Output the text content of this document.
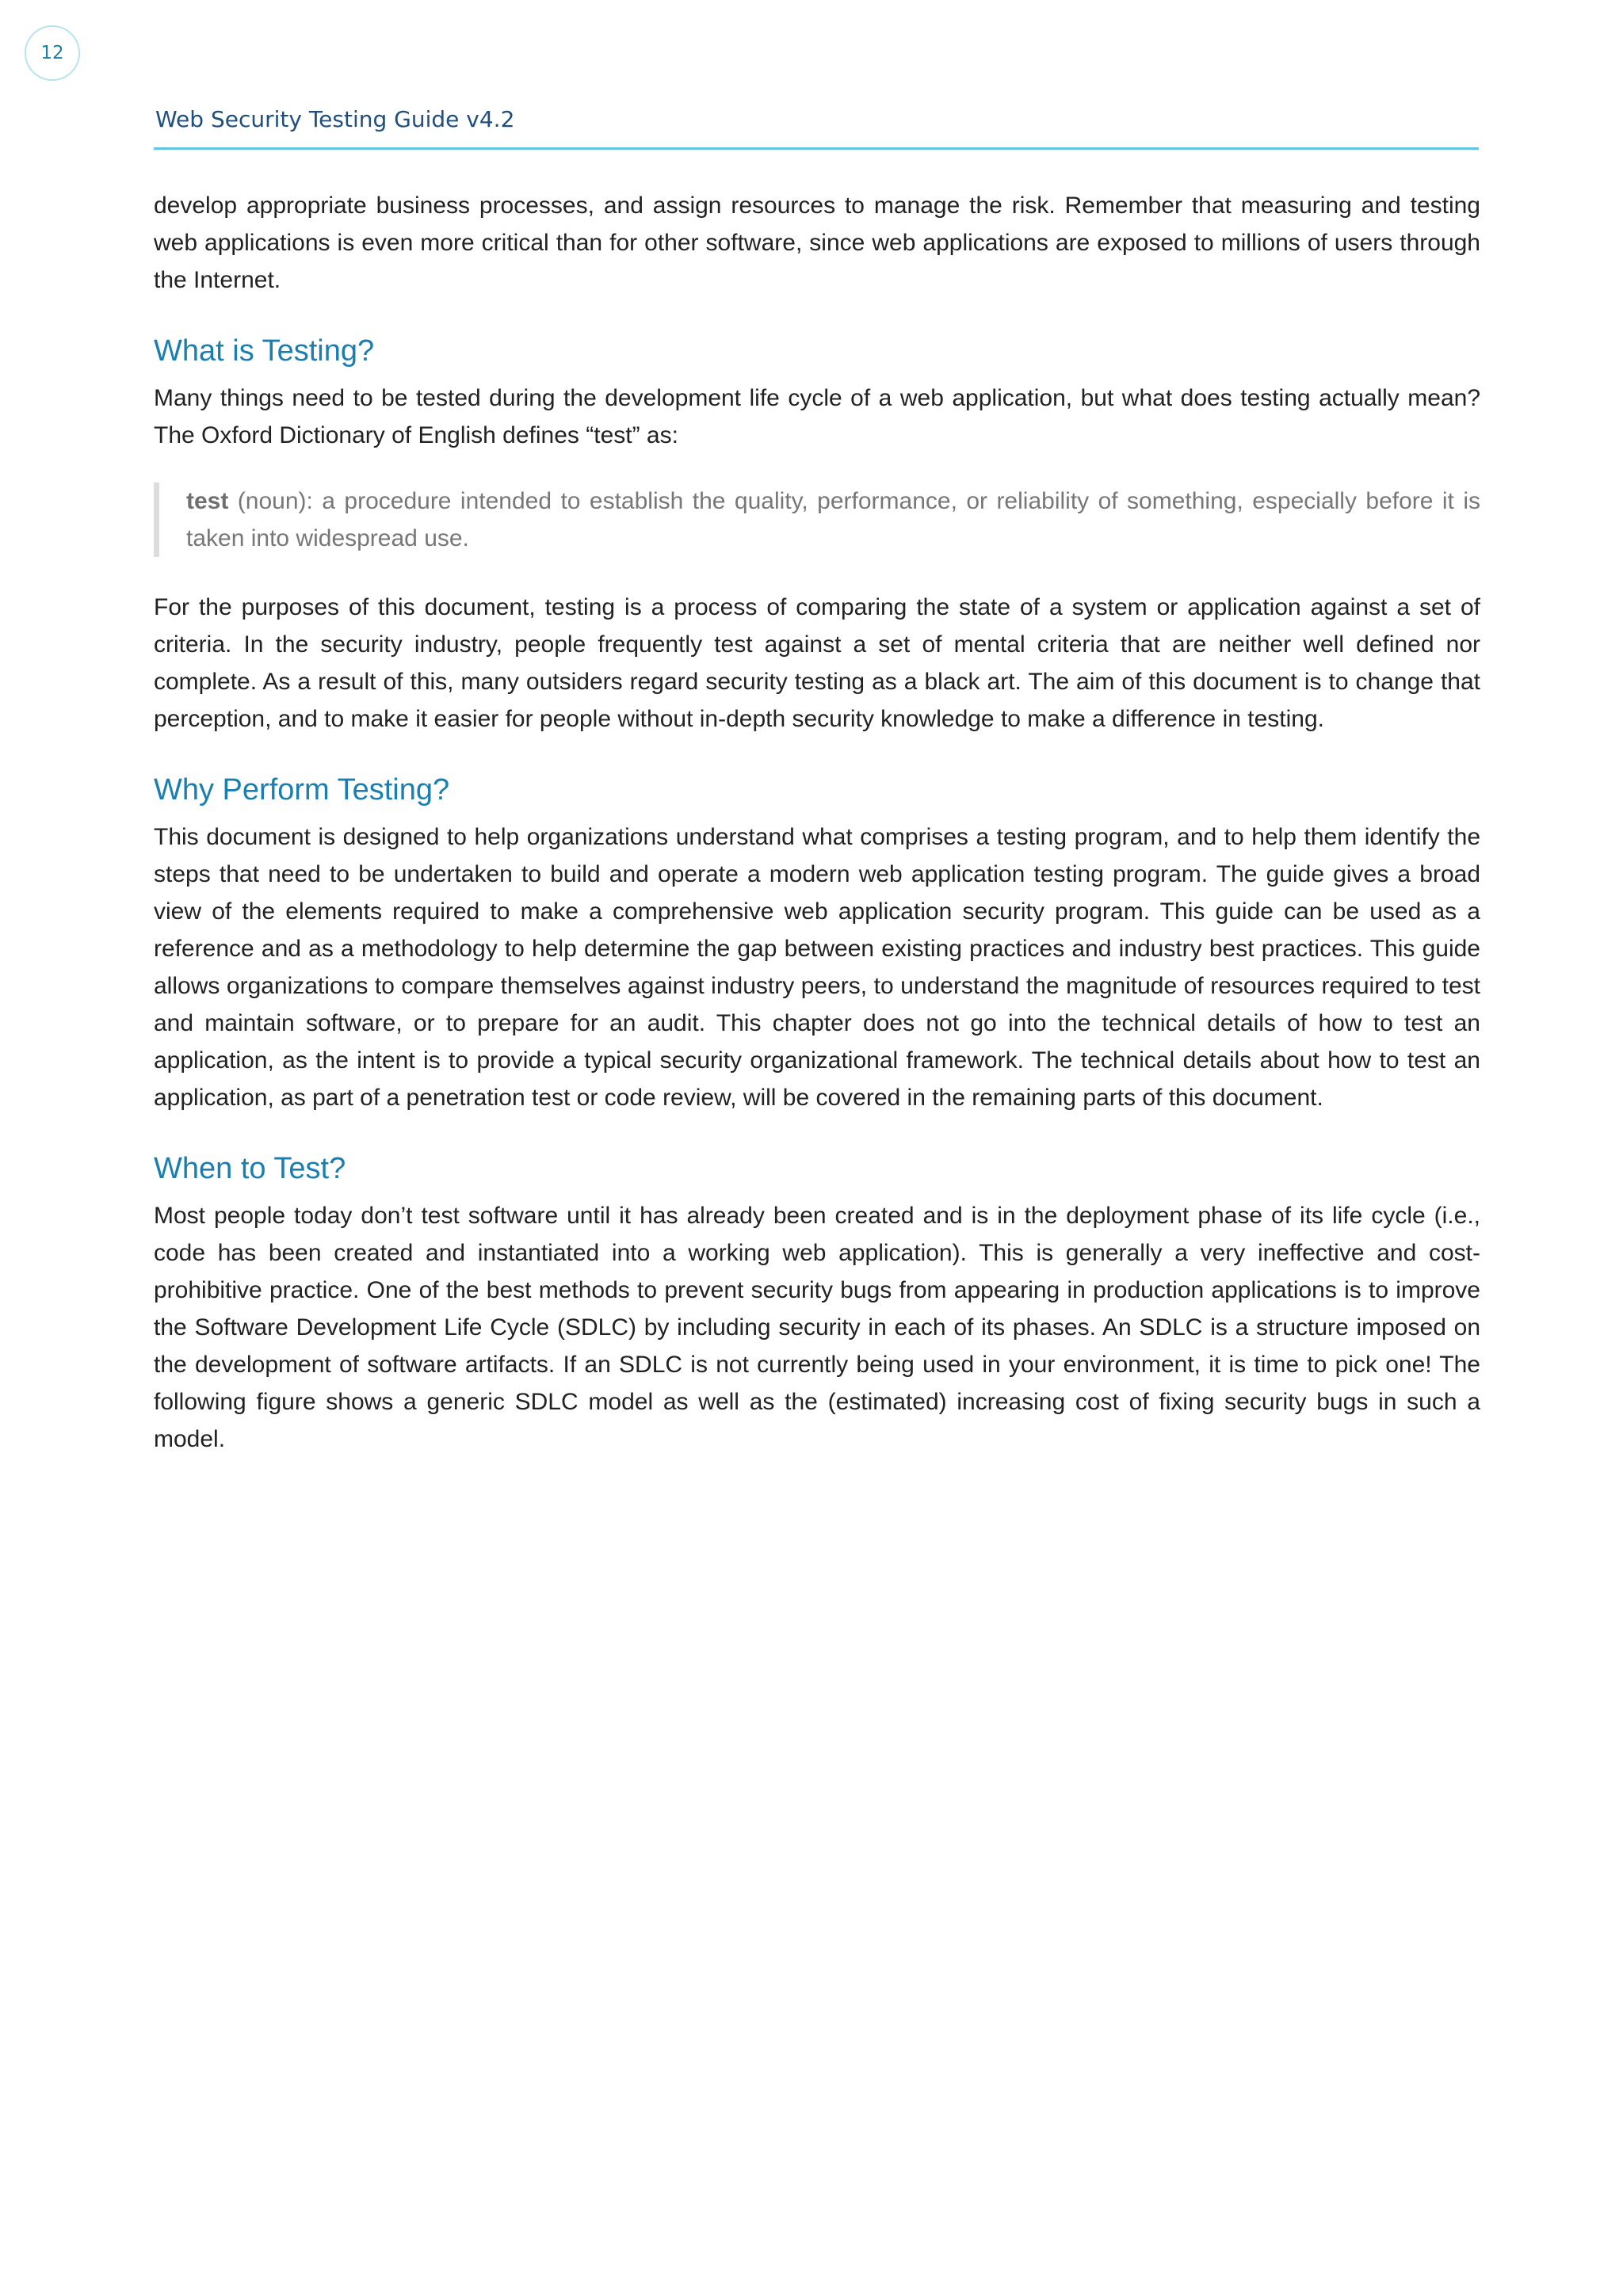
12
Web Security Testing Guide v4.2

develop appropriate business processes, and assign resources to manage the risk. Remember that measuring and testing web applications is even more critical than for other software, since web applications are exposed to millions of users through the Internet.

What is Testing?

Many things need to be tested during the development life cycle of a web application, but what does testing actually mean? The Oxford Dictionary of English defines “test” as:

test (noun): a procedure intended to establish the quality, performance, or reliability of something, especially before it is taken into widespread use.

For the purposes of this document, testing is a process of comparing the state of a system or application against a set of criteria. In the security industry, people frequently test against a set of mental criteria that are neither well defined nor complete. As a result of this, many outsiders regard security testing as a black art. The aim of this document is to change that perception, and to make it easier for people without in-depth security knowledge to make a difference in testing.

Why Perform Testing?

This document is designed to help organizations understand what comprises a testing program, and to help them identify the steps that need to be undertaken to build and operate a modern web application testing program. The guide gives a broad view of the elements required to make a comprehensive web application security program. This guide can be used as a reference and as a methodology to help determine the gap between existing practices and industry best practices. This guide allows organizations to compare themselves against industry peers, to understand the magnitude of resources required to test and maintain software, or to prepare for an audit. This chapter does not go into the technical details of how to test an application, as the intent is to provide a typical security organizational framework. The technical details about how to test an application, as part of a penetration test or code review, will be covered in the remaining parts of this document.

When to Test?

Most people today don’t test software until it has already been created and is in the deployment phase of its life cycle (i.e., code has been created and instantiated into a working web application). This is generally a very ineffective and cost-prohibitive practice. One of the best methods to prevent security bugs from appearing in production applications is to improve the Software Development Life Cycle (SDLC) by including security in each of its phases. An SDLC is a structure imposed on the development of software artifacts. If an SDLC is not currently being used in your environment, it is time to pick one! The following figure shows a generic SDLC model as well as the (estimated) increasing cost of fixing security bugs in such a model.
